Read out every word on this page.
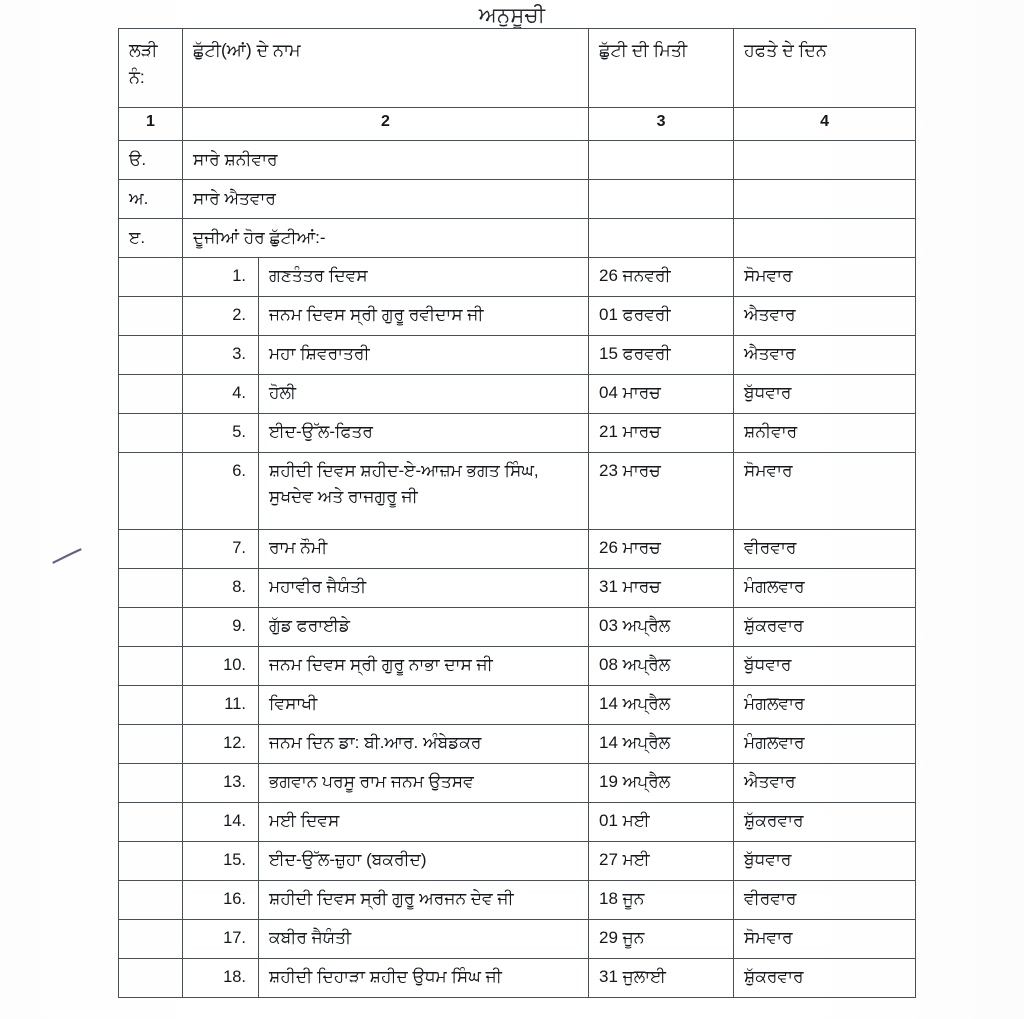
ਅਨੁਸੂਚੀ
ਲੜੀ ਨੰ:	ਛੁੱਟੀ(ਆਂ) ਦੇ ਨਾਮ	ਛੁੱਟੀ ਦੀ ਮਿਤੀ	ਹਫਤੇ ਦੇ ਦਿਨ

1	2	3	4

ੳ.	ਸਾਰੇ ਸ਼ਨੀਵਾਰ

ਅ.	ਸਾਰੇ ਐਤਵਾਰ

ੲ.	ਦੂਜੀਆਂ ਹੋਰ ਛੁੱਟੀਆਂ:-

1.	ਗਣਤੰਤਰ ਦਿਵਸ	26 ਜਨਵਰੀ	ਸੋਮਵਾਰ

2.	ਜਨਮ ਦਿਵਸ ਸ੍ਰੀ ਗੁਰੂ ਰਵੀਦਾਸ ਜੀ	01 ਫਰਵਰੀ	ਐਤਵਾਰ

3.	ਮਹਾ ਸ਼ਿਵਰਾਤਰੀ	15 ਫਰਵਰੀ	ਐਤਵਾਰ

4.	ਹੋਲੀ	04 ਮਾਰਚ	ਬੁੱਧਵਾਰ

5.	ਈਦ-ਉੱਲ-ਫਿਤਰ	21 ਮਾਰਚ	ਸ਼ਨੀਵਾਰ

6.	ਸ਼ਹੀਦੀ ਦਿਵਸ ਸ਼ਹੀਦ-ਏ-ਆਜ਼ਮ ਭਗਤ ਸਿੰਘ, ਸੁਖਦੇਵ ਅਤੇ ਰਾਜਗੁਰੂ ਜੀ	23 ਮਾਰਚ	ਸੋਮਵਾਰ

7.	ਰਾਮ ਨੌਮੀ	26 ਮਾਰਚ	ਵੀਰਵਾਰ

8.	ਮਹਾਵੀਰ ਜੈਯੰਤੀ	31 ਮਾਰਚ	ਮੰਗਲਵਾਰ

9.	ਗੁੱਡ ਫਰਾਈਡੇ	03 ਅਪ੍ਰੈਲ	ਸ਼ੁੱਕਰਵਾਰ

10.	ਜਨਮ ਦਿਵਸ ਸ੍ਰੀ ਗੁਰੂ ਨਾਭਾ ਦਾਸ ਜੀ	08 ਅਪ੍ਰੈਲ	ਬੁੱਧਵਾਰ

11.	ਵਿਸਾਖੀ	14 ਅਪ੍ਰੈਲ	ਮੰਗਲਵਾਰ

12.	ਜਨਮ ਦਿਨ ਡਾ: ਬੀ.ਆਰ. ਅੰਬੇਡਕਰ	14 ਅਪ੍ਰੈਲ	ਮੰਗਲਵਾਰ

13.	ਭਗਵਾਨ ਪਰਸੂ ਰਾਮ ਜਨਮ ਉਤਸਵ	19 ਅਪ੍ਰੈਲ	ਐਤਵਾਰ

14.	ਮਈ ਦਿਵਸ	01 ਮਈ	ਸ਼ੁੱਕਰਵਾਰ

15.	ਈਦ-ਉੱਲ-ਜ਼ੁਹਾ (ਬਕਰੀਦ)	27 ਮਈ	ਬੁੱਧਵਾਰ

16.	ਸ਼ਹੀਦੀ ਦਿਵਸ ਸ੍ਰੀ ਗੁਰੂ ਅਰਜਨ ਦੇਵ ਜੀ	18 ਜੂਨ	ਵੀਰਵਾਰ

17.	ਕਬੀਰ ਜੈਯੰਤੀ	29 ਜੂਨ	ਸੋਮਵਾਰ

18.	ਸ਼ਹੀਦੀ ਦਿਹਾੜਾ ਸ਼ਹੀਦ ਉਧਮ ਸਿੰਘ ਜੀ	31 ਜੁਲਾਈ	ਸ਼ੁੱਕਰਵਾਰ
